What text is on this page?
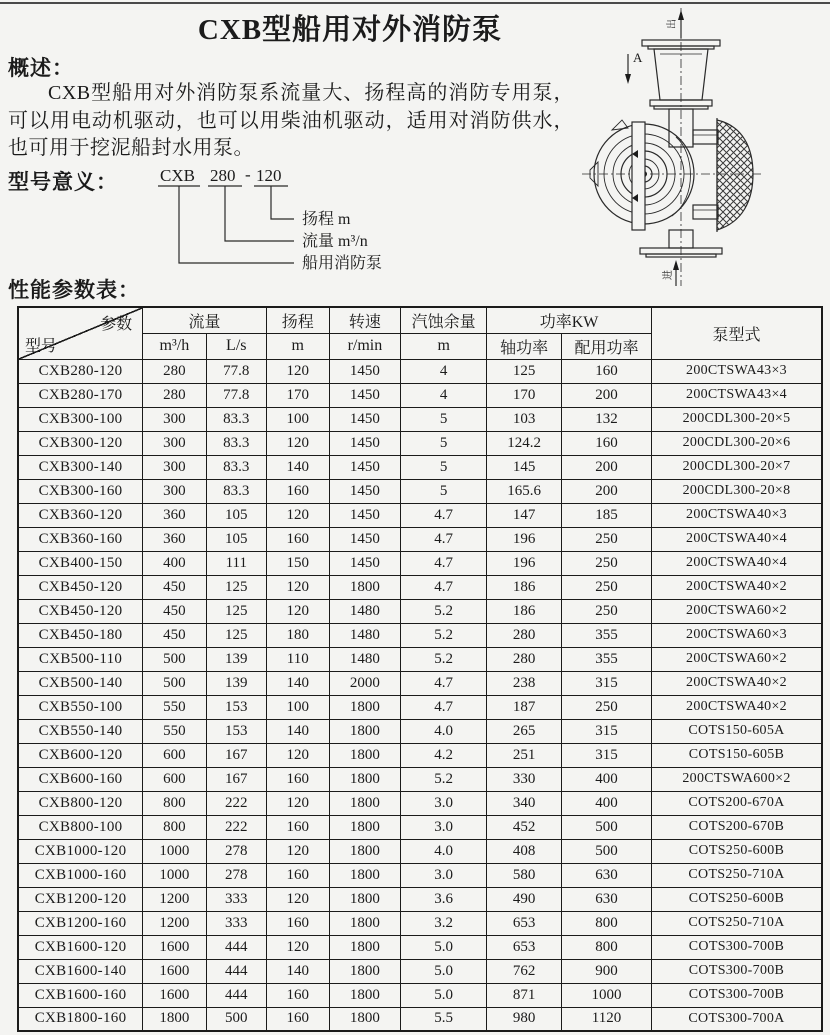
CXB型船用对外消防泵
A
出
进
概述：

CXB型船用对外消防泵系流量大、扬程高的消防专用泵，可以用电动机驱动，也可以用柴油机驱动，适用对消防供水，也可用于挖泥船封水用泵。

型号意义： CXB 280 - 120
扬程 m
流量 m³/n
船用消防泵
性能参数表：
参数
型号	流量		扬程	转速	汽蚀余量	功率KW		泵型式
	m³/h	L/s	m	r/min	m	轴功率	配用功率	
CXB280-120	280	77.8	120	1450	4	125	160	200CTSWA43×3
CXB280-170	280	77.8	170	1450	4	170	200	200CTSWA43×4
CXB300-100	300	83.3	100	1450	5	103	132	200CDL300-20×5
CXB300-120	300	83.3	120	1450	5	124.2	160	200CDL300-20×6
CXB300-140	300	83.3	140	1450	5	145	200	200CDL300-20×7
CXB300-160	300	83.3	160	1450	5	165.6	200	200CDL300-20×8
CXB360-120	360	105	120	1450	4.7	147	185	200CTSWA40×3
CXB360-160	360	105	160	1450	4.7	196	250	200CTSWA40×4
CXB400-150	400	111	150	1450	4.7	196	250	200CTSWA40×4
CXB450-120	450	125	120	1800	4.7	186	250	200CTSWA40×2
CXB450-120	450	125	120	1480	5.2	186	250	200CTSWA60×2
CXB450-180	450	125	180	1480	5.2	280	355	200CTSWA60×3
CXB500-110	500	139	110	1480	5.2	280	355	200CTSWA60×2
CXB500-140	500	139	140	2000	4.7	238	315	200CTSWA40×2
CXB550-100	550	153	100	1800	4.7	187	250	200CTSWA40×2
CXB550-140	550	153	140	1800	4.0	265	315	COTS150-605A
CXB600-120	600	167	120	1800	4.2	251	315	COTS150-605B
CXB600-160	600	167	160	1800	5.2	330	400	200CTSWA600×2
CXB800-120	800	222	120	1800	3.0	340	400	COTS200-670A
CXB800-100	800	222	160	1800	3.0	452	500	COTS200-670B
CXB1000-120	1000	278	120	1800	4.0	408	500	COTS250-600B
CXB1000-160	1000	278	160	1800	3.0	580	630	COTS250-710A
CXB1200-120	1200	333	120	1800	3.6	490	630	COTS250-600B
CXB1200-160	1200	333	160	1800	3.2	653	800	COTS250-710A
CXB1600-120	1600	444	120	1800	5.0	653	800	COTS300-700B
CXB1600-140	1600	444	140	1800	5.0	762	900	COTS300-700B
CXB1600-160	1600	444	160	1800	5.0	871	1000	COTS300-700B
CXB1800-160	1800	500	160	1800	5.5	980	1120	COTS300-700A
